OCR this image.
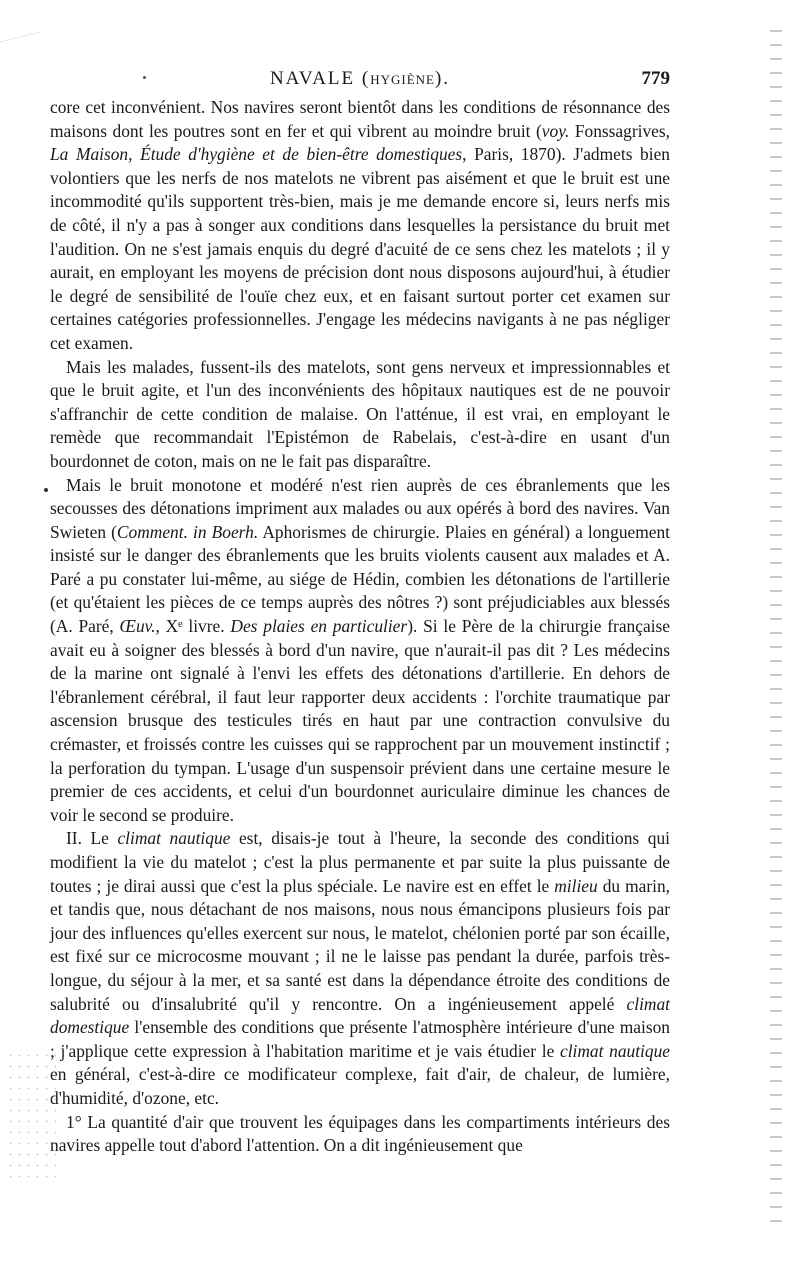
NAVALE (HYGIÈNE).	779

core cet inconvénient. Nos navires seront bientôt dans les conditions de résonnance des maisons dont les poutres sont en fer et qui vibrent au moindre bruit (voy. Fonssagrives, La Maison, Étude d'hygiène et de bien-être domestiques, Paris, 1870). J'admets bien volontiers que les nerfs de nos matelots ne vibrent pas aisément et que le bruit est une incommodité qu'ils supportent très-bien, mais je me demande encore si, leurs nerfs mis de côté, il n'y a pas à songer aux conditions dans lesquelles la persistance du bruit met l'audition. On ne s'est jamais enquis du degré d'acuité de ce sens chez les matelots ; il y aurait, en employant les moyens de précision dont nous disposons aujourd'hui, à étudier le degré de sensibilité de l'ouïe chez eux, et en faisant surtout porter cet examen sur certaines catégories professionnelles. J'engage les médecins navigants à ne pas négliger cet examen.

Mais les malades, fussent-ils des matelots, sont gens nerveux et impressionnables et que le bruit agite, et l'un des inconvénients des hôpitaux nautiques est de ne pouvoir s'affranchir de cette condition de malaise. On l'atténue, il est vrai, en employant le remède que recommandait l'Epistémon de Rabelais, c'est-à-dire en usant d'un bourdonnet de coton, mais on ne le fait pas disparaître.

Mais le bruit monotone et modéré n'est rien auprès de ces ébranlements que les secousses des détonations impriment aux malades ou aux opérés à bord des navires. Van Swieten (Comment. in Boerh. Aphorismes de chirurgie. Plaies en général) a longuement insisté sur le danger des ébranlements que les bruits violents causent aux malades et A. Paré a pu constater lui-même, au siége de Hédin, combien les détonations de l'artillerie (et qu'étaient les pièces de ce temps auprès des nôtres ?) sont préjudiciables aux blessés (A. Paré, Œuv., Xᵉ livre. Des plaies en particulier). Si le Père de la chirurgie française avait eu à soigner des blessés à bord d'un navire, que n'aurait-il pas dit ? Les médecins de la marine ont signalé à l'envi les effets des détonations d'artillerie. En dehors de l'ébranlement cérébral, il faut leur rapporter deux accidents : l'orchite traumatique par ascension brusque des testicules tirés en haut par une contraction convulsive du crémaster, et froissés contre les cuisses qui se rapprochent par un mouvement instinctif ; la perforation du tympan. L'usage d'un suspensoir prévient dans une certaine mesure le premier de ces accidents, et celui d'un bourdonnet auriculaire diminue les chances de voir le second se produire.

II. Le climat nautique est, disais-je tout à l'heure, la seconde des conditions qui modifient la vie du matelot ; c'est la plus permanente et par suite la plus puissante de toutes ; je dirai aussi que c'est la plus spéciale. Le navire est en effet le milieu du marin, et tandis que, nous détachant de nos maisons, nous nous émancipons plusieurs fois par jour des influences qu'elles exercent sur nous, le matelot, chélonien porté par son écaille, est fixé sur ce microcosme mouvant ; il ne le laisse pas pendant la durée, parfois très-longue, du séjour à la mer, et sa santé est dans la dépendance étroite des conditions de salubrité ou d'insalubrité qu'il y rencontre. On a ingénieusement appelé climat domestique l'ensemble des conditions que présente l'atmosphère intérieure d'une maison ; j'applique cette expression à l'habitation maritime et je vais étudier le climat nautique en général, c'est-à-dire ce modificateur complexe, fait d'air, de chaleur, de lumière, d'humidité, d'ozone, etc.

1° La quantité d'air que trouvent les équipages dans les compartiments intérieurs des navires appelle tout d'abord l'attention. On a dit ingénieusement que
